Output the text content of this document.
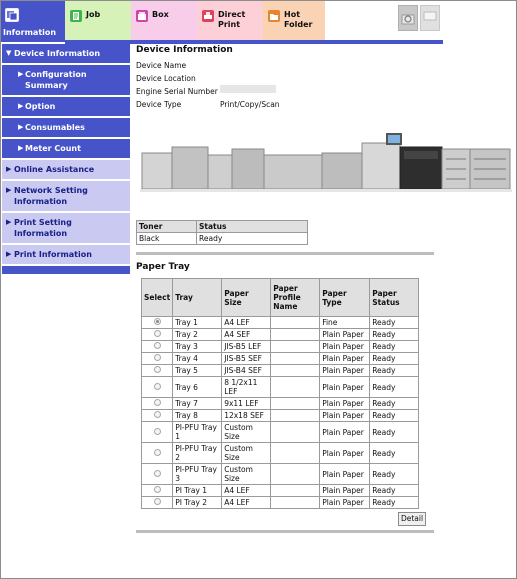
Information
Job	Box	Direct Print
Hot Folder
▼ Device Information
▶ Configuration Summary
▶ Option
▶ Consumables
▶ Meter Count
▶ Online Assistance
▶ Network Setting Information
▶ Print Setting Information
▶ Print Information
Device Information
Device Name
Device Location
Engine Serial Number
Device Type	Print/Copy/Scan
Toner	Status
Black	Ready
Paper Tray
Select	Tray	Paper Size	Paper Profile Name	Paper Type	Paper Status
	Tray 1	A4 LEF		Fine	Ready
	Tray 2	A4 SEF		Plain Paper	Ready
	Tray 3	JIS-B5 LEF		Plain Paper	Ready
	Tray 4	JIS-B5 SEF		Plain Paper	Ready
	Tray 5	JIS-B4 SEF		Plain Paper	Ready
	Tray 6	8 1/2x11 LEF		Plain Paper	Ready
	Tray 7	9x11 LEF		Plain Paper	Ready
	Tray 8	12x18 SEF		Plain Paper	Ready
	PI-PFU Tray 1	Custom Size		Plain Paper	Ready
	PI-PFU Tray 2	Custom Size		Plain Paper	Ready
	PI-PFU Tray 3	Custom Size		Plain Paper	Ready
	PI Tray 1	A4 LEF		Plain Paper	Ready
	PI Tray 2	A4 LEF		Plain Paper	Ready
Detail
